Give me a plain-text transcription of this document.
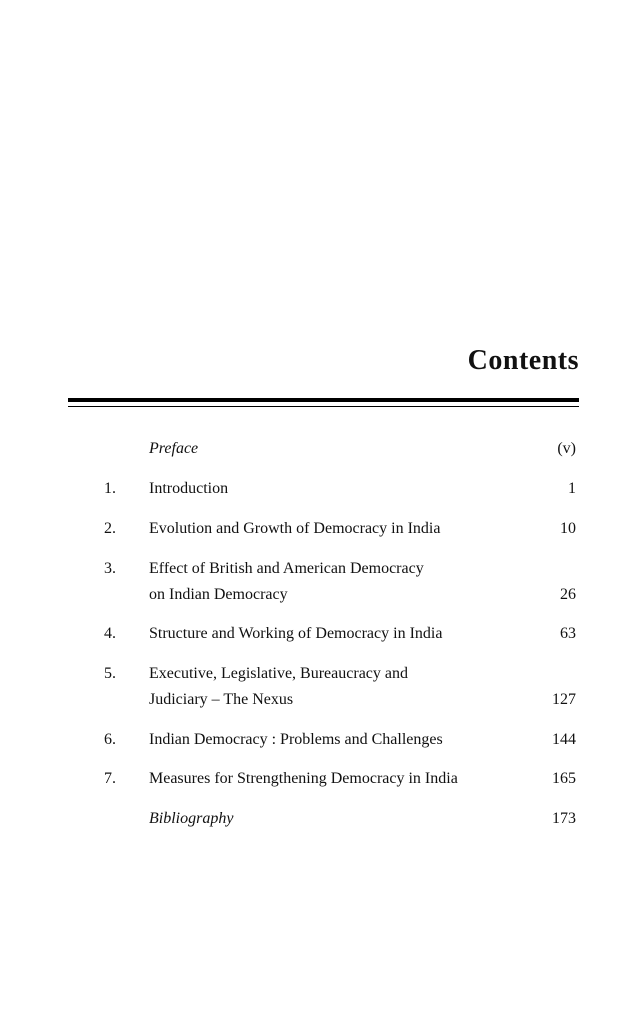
Contents
Preface	(v)
1. Introduction	1
2. Evolution and Growth of Democracy in India	10
3. Effect of British and American Democracy
on Indian Democracy	26
4. Structure and Working of Democracy in India	63
5. Executive, Legislative, Bureaucracy and
Judiciary – The Nexus	127
6. Indian Democracy : Problems and Challenges	144
7. Measures for Strengthening Democracy in India	165
Bibliography	173
